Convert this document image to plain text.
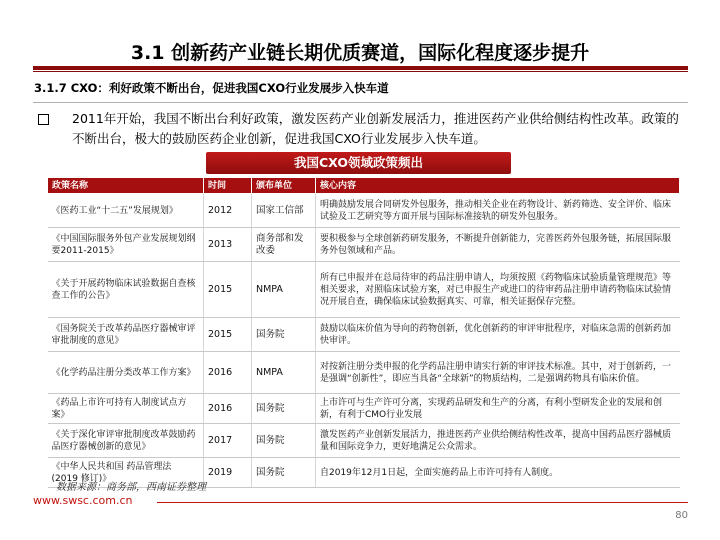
3.1 创新药产业链长期优质赛道，国际化程度逐步提升
3.1.7 CXO：利好政策不断出台，促进我国CXO行业发展步入快车道
2011年开始，我国不断出台利好政策，激发医药产业创新发展活力，推进医药产业供给侧结构性改革。政策的不断出台，极大的鼓励医药企业创新，促进我国CXO行业发展步入快车道。
我国CXO领域政策频出
政策名称	时间	颁布单位	核心内容
《医药工业“十二五”发展规划》	2012	国家工信部	明确鼓励发展合同研发外包服务，推动相关企业在药物设计、新药筛选、安全评价、临床试验及工艺研究等方面开展与国际标准接轨的研发外包服务。
《中国国际服务外包产业发展规划纲要2011-2015》	2013	商务部和发改委	要积极参与全球创新药研发服务，不断提升创新能力，完善医药外包服务链，拓展国际服务外包领域和产品。
《关于开展药物临床试验数据自查核查工作的公告》	2015	NMPA	所有已申报并在总局待审的药品注册申请人，均须按照《药物临床试验质量管理规范》等相关要求，对照临床试验方案，对已申报生产或进口的待审药品注册申请药物临床试验情况开展自查，确保临床试验数据真实、可靠，相关证据保存完整。
《国务院关于改革药品医疗器械审评审批制度的意见》	2015	国务院	鼓励以临床价值为导向的药物创新，优化创新药的审评审批程序，对临床急需的创新药加快审评。
《化学药品注册分类改革工作方案》	2016	NMPA	对按新注册分类申报的化学药品注册申请实行新的审评技术标准。其中，对于创新药，一是强调“创新性”，即应当具备“全球新”的物质结构，二是强调药物具有临床价值。
《药品上市许可持有人制度试点方案》	2016	国务院	上市许可与生产许可分离，实现药品研发和生产的分离，有利小型研发企业的发展和创新，有利于CMO行业发展
《关于深化审评审批制度改革鼓励药品医疗器械创新的意见》	2017	国务院	激发医药产业创新发展活力，推进医药产业供给侧结构性改革，提高中国药品医疗器械质量和国际竞争力，更好地满足公众需求。
《中华人民共和国 药品管理法 (2019 修订)》	2019	国务院	自2019年12月1日起，全面实施药品上市许可持有人制度。
数据来源：商务部，西南证券整理
www.swsc.com.cn
80
